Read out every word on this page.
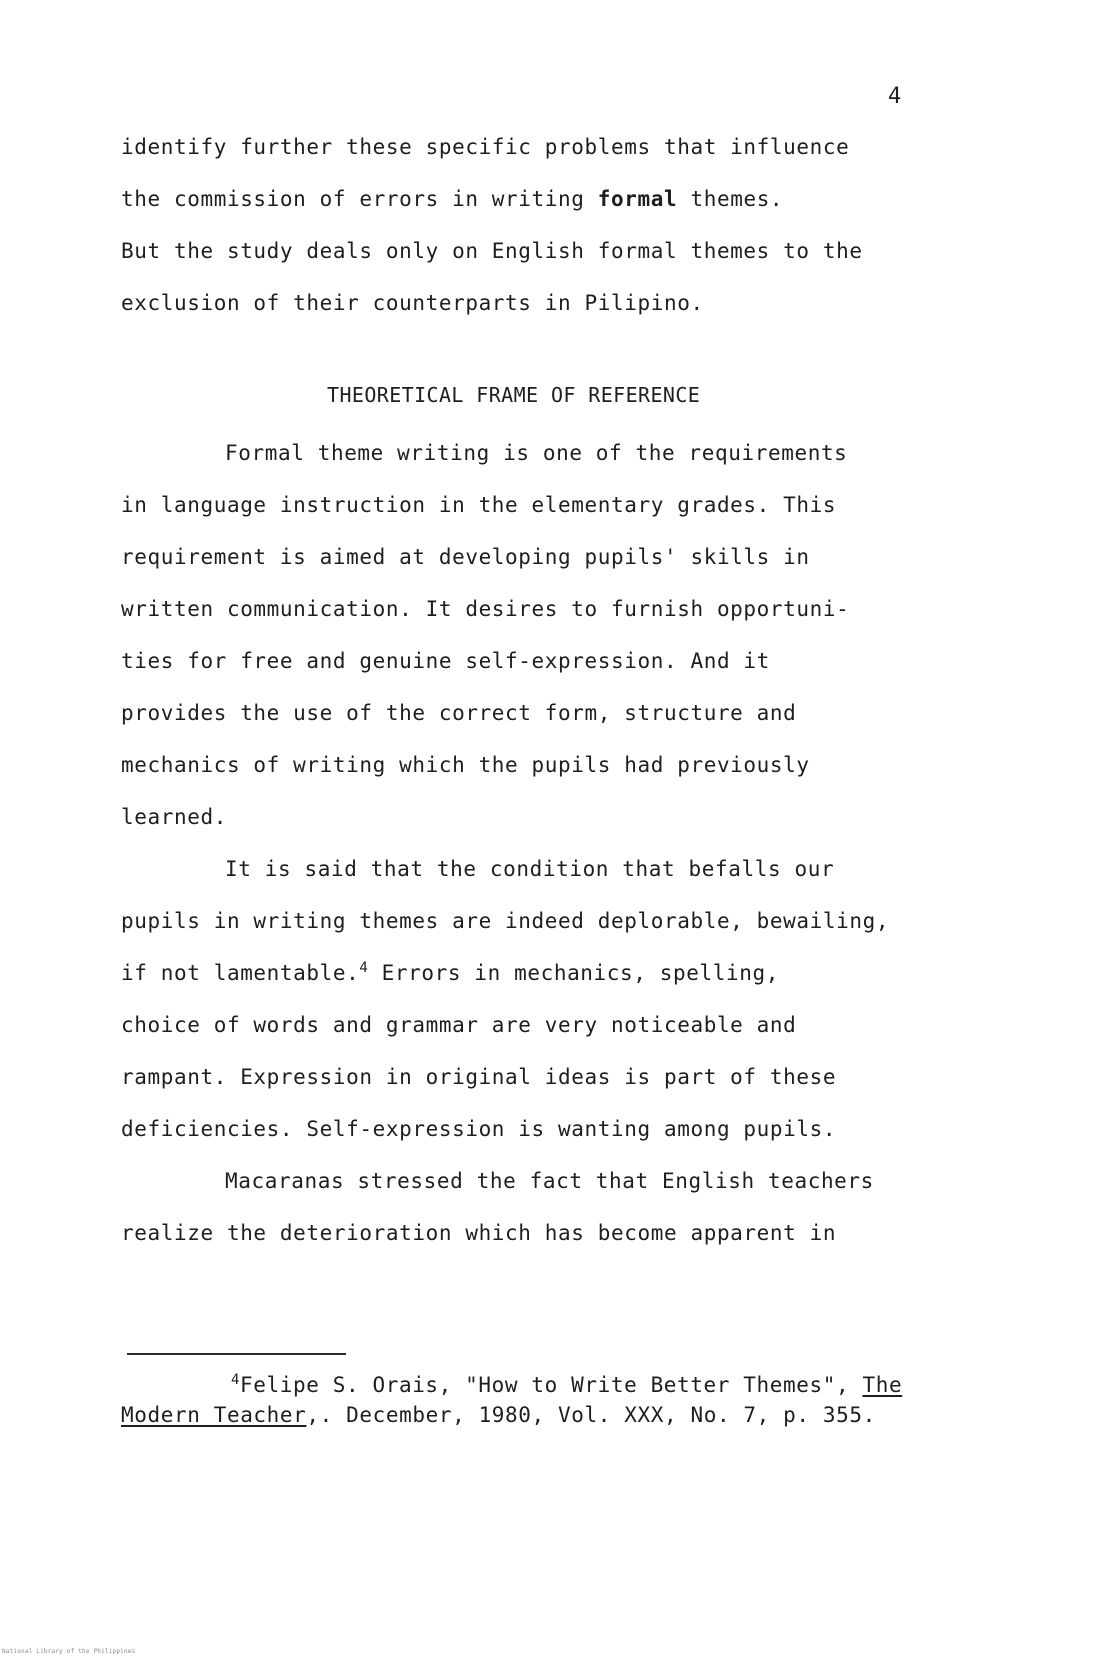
4
identify further these specific problems that influence
the commission of errors in writing formal themes.
But the study deals only on English formal themes to the
exclusion of their counterparts in Pilipino.
THEORETICAL FRAME OF REFERENCE
Formal theme writing is one of the requirements
in language instruction in the elementary grades. This
requirement is aimed at developing pupils' skills in
written communication. It desires to furnish opportuni-
ties for free and genuine self-expression. And it
provides the use of the correct form, structure and
mechanics of writing which the pupils had previously
learned.
It is said that the condition that befalls our
pupils in writing themes are indeed deplorable, bewailing,
if not lamentable.$^4$ Errors in mechanics, spelling,
choice of words and grammar are very noticeable and
rampant. Expression in original ideas is part of these
deficiencies. Self-expression is wanting among pupils.
Macaranas stressed the fact that English teachers
realize the deterioration which has become apparent in
$^4$Felipe S. Orais, "How to Write Better Themes", The
Modern Teacher,. December, 1980, Vol. XXX, No. 7, p. 355.
National Library of the Philippines
